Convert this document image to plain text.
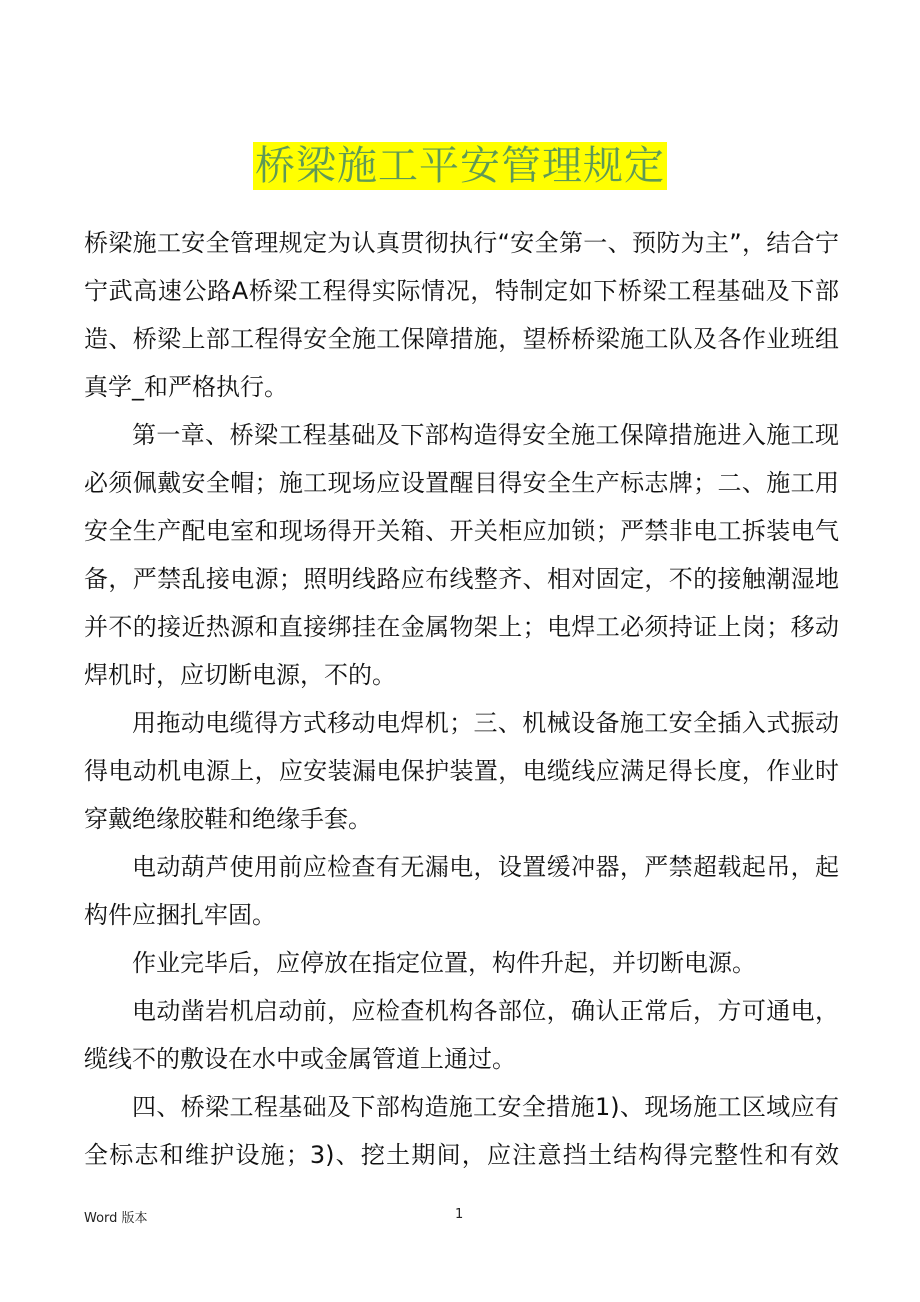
桥梁施工平安管理规定
桥梁施工安全管理规定为认真贯彻执行“安全第一、预防为主”，结合宁
宁武高速公路A桥梁工程得实际情况，特制定如下桥梁工程基础及下部
造、桥梁上部工程得安全施工保障措施，望桥桥梁施工队及各作业班组
真学_和严格执行。
第一章、桥梁工程基础及下部构造得安全施工保障措施进入施工现
必须佩戴安全帽；施工现场应设置醒目得安全生产标志牌；二、施工用
安全生产配电室和现场得开关箱、开关柜应加锁；严禁非电工拆装电气
备，严禁乱接电源；照明线路应布线整齐、相对固定，不的接触潮湿地
并不的接近热源和直接绑挂在金属物架上；电焊工必须持证上岗；移动
焊机时，应切断电源，不的。
用拖动电缆得方式移动电焊机；三、机械设备施工安全插入式振动
得电动机电源上，应安装漏电保护装置，电缆线应满足得长度，作业时
穿戴绝缘胶鞋和绝缘手套。
电动葫芦使用前应检查有无漏电，设置缓冲器，严禁超载起吊，起
构件应捆扎牢固。
作业完毕后，应停放在指定位置，构件升起，并切断电源。
电动凿岩机启动前，应检查机构各部位，确认正常后，方可通电，
缆线不的敷设在水中或金属管道上通过。
四、桥梁工程基础及下部构造施工安全措施1)、现场施工区域应有
全标志和维护设施；3)、挖土期间，应注意挡土结构得完整性和有效
Word 版本	1
